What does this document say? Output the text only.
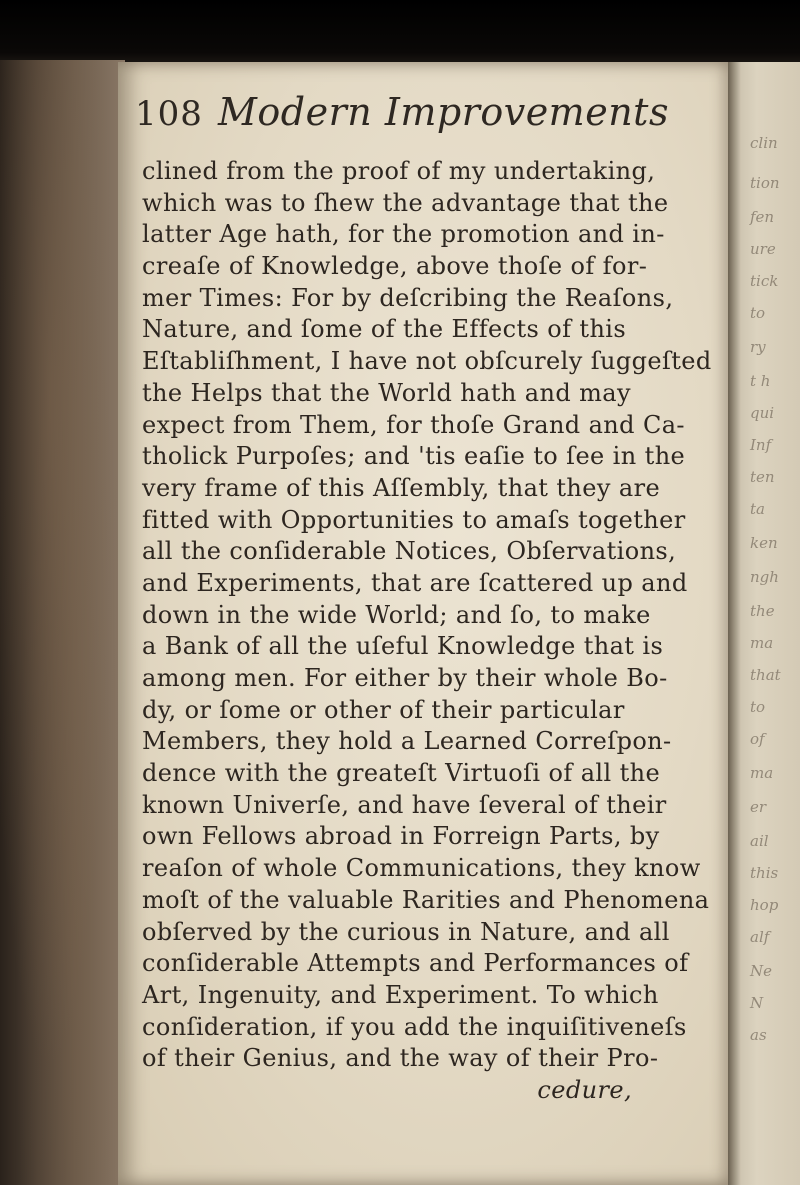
clin
tion
fen
ure
tick
to
ry
t h
qui
Inf
ten
ta
ken
ngh
the
ma
that
to
of
ma
er
ail
this
hop
alf
Ne
N
as
108 Modern Improvements
clined from the proof of my undertaking,
which was to ſhew the advantage that the
latter Age hath, for the promotion and in-
creaſe of Knowledge, above thoſe of for-
mer Times: For by deſcribing the Reaſons,
Nature, and ſome of the Effects of this
Eſtabliſhment, I have not obſcurely ſuggeſted
the Helps that the World hath and may
expect from Them, for thoſe Grand and Ca-
tholick Purpoſes; and 'tis eaſie to ſee in the
very frame of this Aſſembly, that they are
fitted with Opportunities to amaſs together
all the conſiderable Notices, Obſervations,
and Experiments, that are ſcattered up and
down in the wide World; and ſo, to make
a Bank of all the uſeful Knowledge that is
among men. For either by their whole Bo-
dy, or ſome or other of their particular
Members, they hold a Learned Correſpon-
dence with the greateſt Virtuoſi of all the
known Univerſe, and have ſeveral of their
own Fellows abroad in Forreign Parts, by
reaſon of whole Communications, they know
moſt of the valuable Rarities and Phenomena
obſerved by the curious in Nature, and all
conſiderable Attempts and Performances of
Art, Ingenuity, and Experiment. To which
conſideration, if you add the inquiſitiveneſs
of their Genius, and the way of their Pro-
cedure,
